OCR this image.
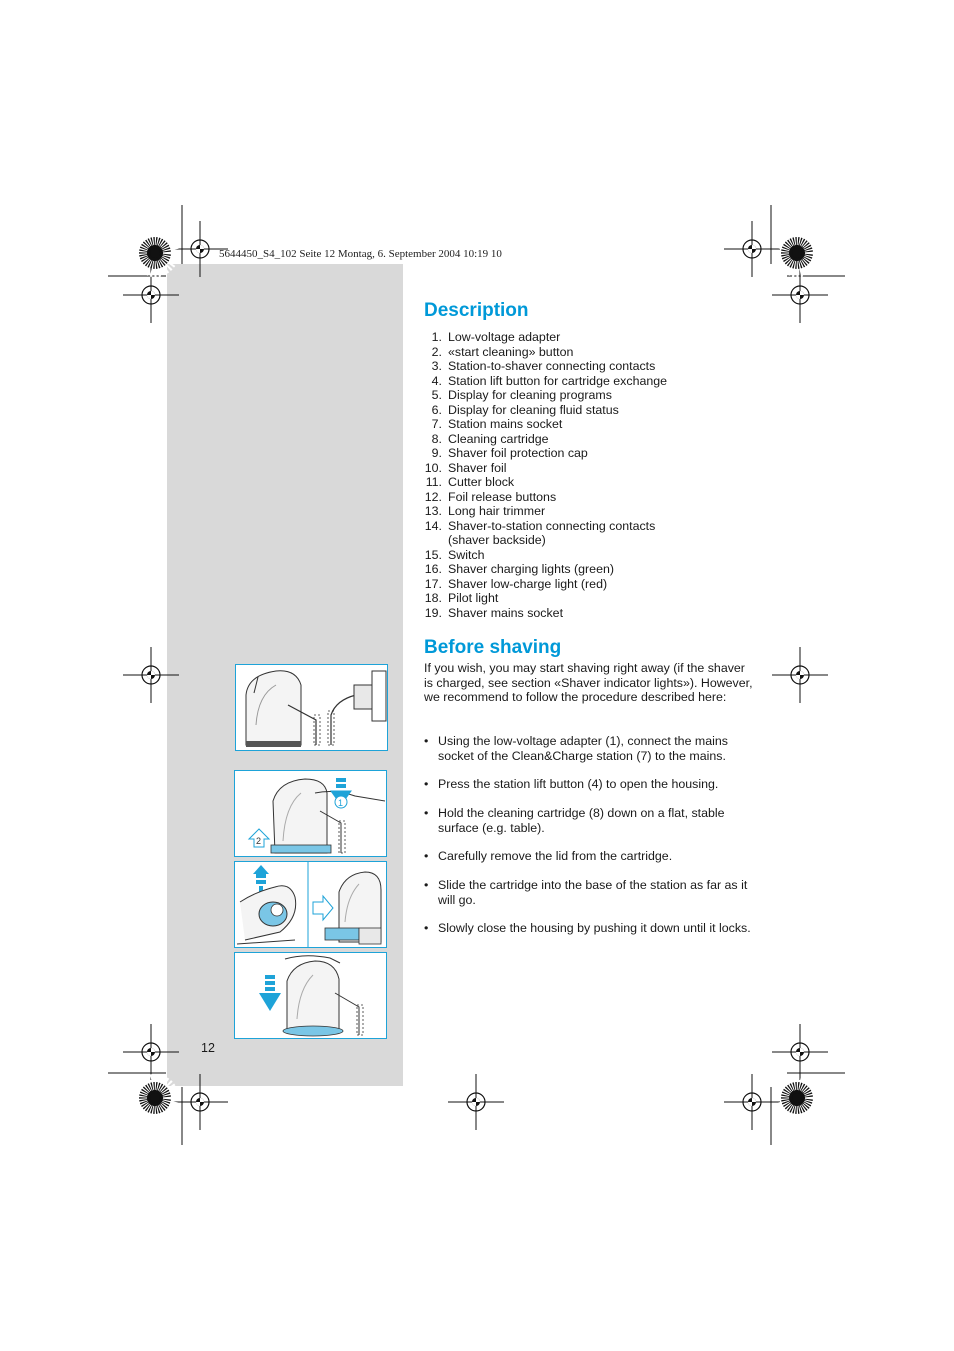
5644450_S4_102 Seite 12 Montag, 6. September 2004 10:19 10
Description
1. Low-voltage adapter
2. «start cleaning» button
3. Station-to-shaver connecting contacts
4. Station lift button for cartridge exchange
5. Display for cleaning programs
6. Display for cleaning fluid status
7. Station mains socket
8. Cleaning cartridge
9. Shaver foil protection cap
10. Shaver foil
11. Cutter block
12. Foil release buttons
13. Long hair trimmer
14. Shaver-to-station connecting contacts
(shaver backside)
15. Switch
16. Shaver charging lights (green)
17. Shaver low-charge light (red)
18. Pilot light
19. Shaver mains socket
Before shaving

If you wish, you may start shaving right away (if the shaver is charged, see section «Shaver indicator lights»). However, we recommend to follow the procedure described here:

• Using the low-voltage adapter (1), connect the mains socket of the Clean&Charge station (7) to the mains.
• Press the station lift button (4) to open the housing.
• Hold the cleaning cartridge (8) down on a flat, stable surface (e.g. table).
• Carefully remove the lid from the cartridge.
• Slide the cartridge into the base of the station as far as it will go.
• Slowly close the housing by pushing it down until it locks.
1
2
12
